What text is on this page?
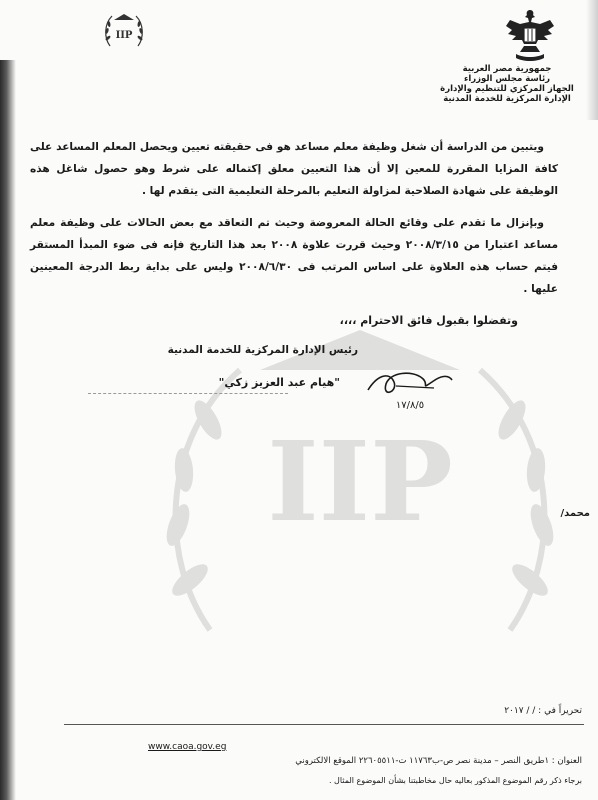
جمهورية مصر العربية
رئاسة مجلس الوزراء
الجهاز المركزي للتنظيم والإدارة
الإدارة المركزية للخدمة المدنية
IIP
IIP

ويتبين من الدراسة أن شغل وظيفة معلم مساعد هو فى حقيقته تعيين ويحصل المعلم المساعد على كافة المزايا المقررة للمعين إلا أن هذا التعيين معلق إكتماله على شرط وهو حصول شاغل هذه الوظيفة على شهادة الصلاحية لمزاولة التعليم بالمرحلة التعليمية التى يتقدم لها .

وبإنزال ما تقدم على وقائع الحالة المعروضة وحيث تم التعاقد مع بعض الحالات على وظيفة معلم مساعد اعتبارا من ٢٠٠٨/٣/١٥ وحيث قررت علاوة ٢٠٠٨ بعد هذا التاريخ فإنه فى ضوء المبدأ المستقر فيتم حساب هذه العلاوة على اساس المرتب فى ٢٠٠٨/٦/٣٠ وليس على بداية ربط الدرجة المعينين عليها .

وتفضلوا بقبول فائق الاحترام ،،،،
رئيس الإدارة المركزية للخدمة المدنية
"هيام عبد العزيز زكي"
١٧/٨/٥
محمد/
تحريراً في : / / ٢٠١٧
www.caoa.gov.eg
العنوان : ١طريق النصر – مدينة نصر ص-ب١١٧٦٣ ت-٢٢٦٠٥٥١١ الموقع الالكتروني
برجاء ذكر رقم الموضوع المذكور بعاليه حال مخاطبتنا بشأن الموضوع المثال .
